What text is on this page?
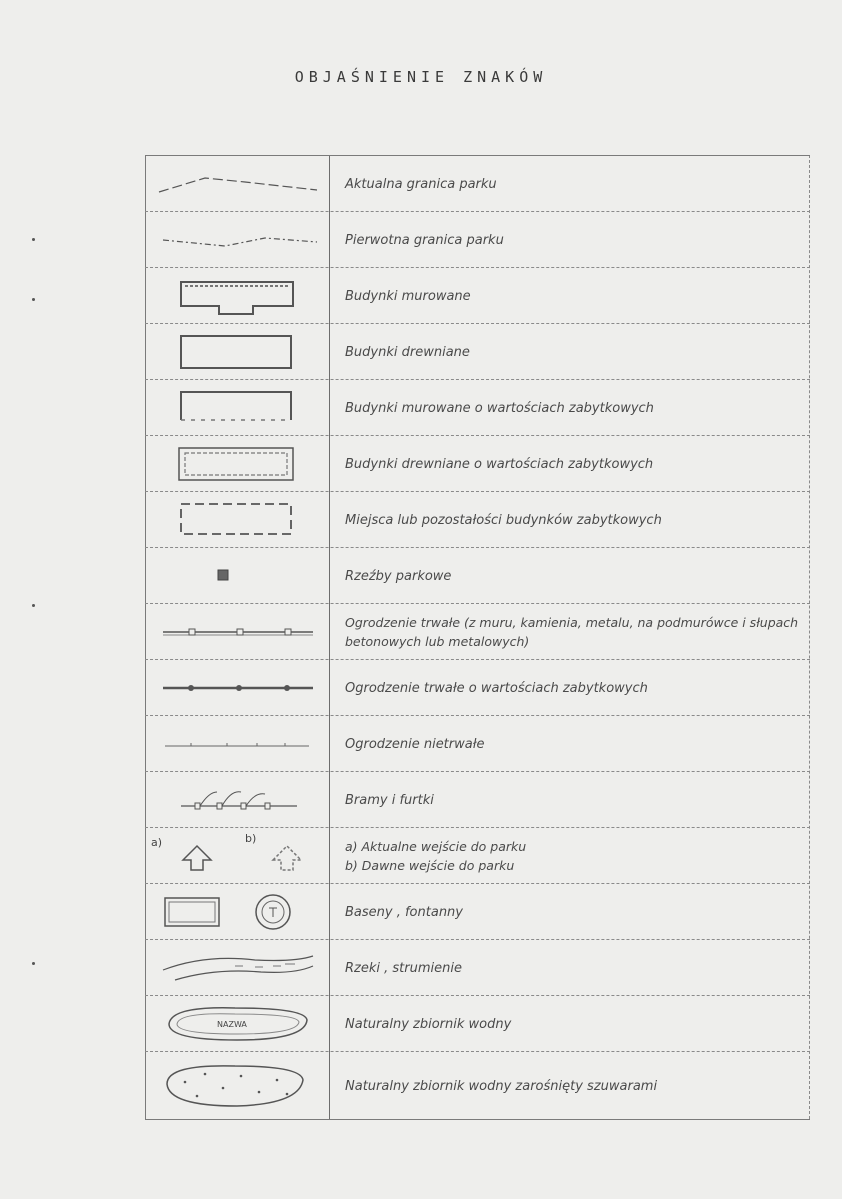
OBJAŚNIENIE ZNAKÓW
Aktualna granica parku
Pierwotna granica parku
Budynki murowane
Budynki drewniane
Budynki murowane o wartościach zabytkowych
Budynki drewniane o wartościach zabytkowych
Miejsca lub pozostałości budynków zabytkowych
Rzeźby parkowe
Ogrodzenie trwałe (z muru, kamienia, metalu, na podmurówce i słupach betonowych lub metalowych)
Ogrodzenie trwałe o wartościach zabytkowych
Ogrodzenie nietrwałe
Bramy i furtki
a)	b)
a) Aktualne wejście do parku
b) Dawne wejście do parku
Baseny , fontanny
Rzeki , strumienie
NAZWA	Naturalny zbiornik wodny
Naturalny zbiornik wodny zarośnięty szuwarami
